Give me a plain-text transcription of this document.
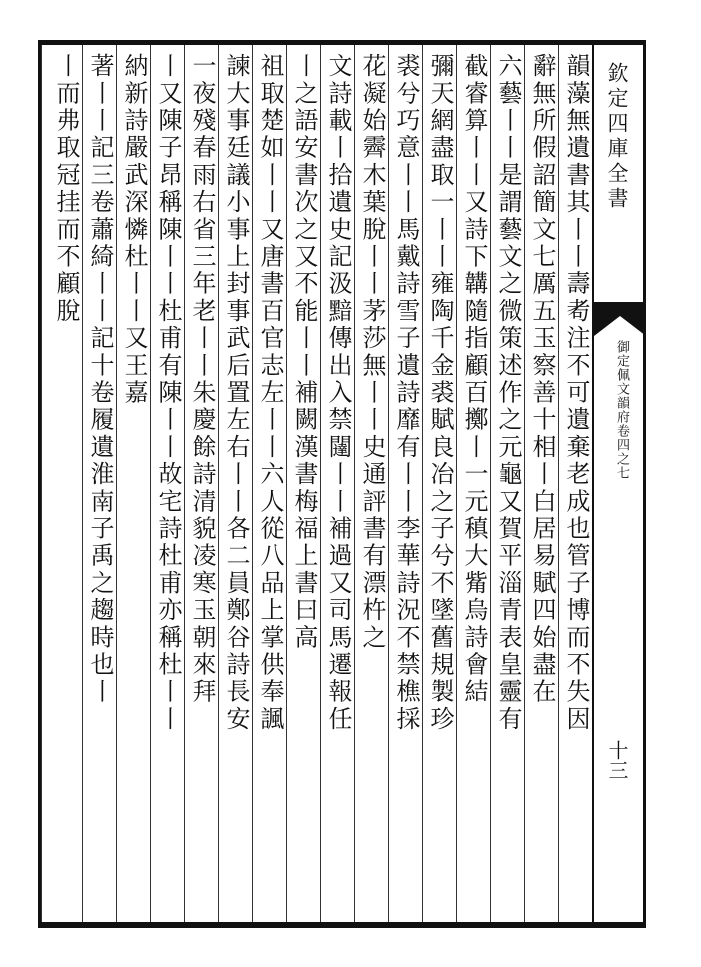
欽定四庫全書
御定佩文韻府卷四之七
十三
韻藻無遺書其丨丨壽耇注不可遺棄老成也管子博而不失因
辭無所假詔簡文七厲五玉察善十相丨白居易賦四始盡在
六藝丨丨是謂藝文之微策述作之元龜又賀平淄青表皇靈有
截睿算丨丨又詩下韝隨指顧百擲丨一元稹大觜烏詩會結
彌天網盡取一丨丨雍陶千金裘賦良冶之子兮不墜舊規製珍
裘兮巧意丨丨馬戴詩雪子遺詩靡有丨丨李華詩況不禁樵採
花凝始霽木葉脫丨丨茅莎無丨丨史通評書有漂杵之
文詩載丨拾遺史記汲黯傳出入禁闥丨丨補過又司馬遷報任
丨之語安書次之又不能丨丨補闕漢書梅福上書曰高
祖取楚如丨丨又唐書百官志左丨丨六人從八品上掌供奉諷
諫大事廷議小事上封事武后置左右丨丨各二員鄭谷詩長安
一夜殘春雨右省三年老丨丨朱慶餘詩清貌凌寒玉朝來拜
丨又陳子昂稱陳丨丨杜甫有陳丨丨故宅詩杜甫亦稱杜丨丨
納新詩嚴武深憐杜丨丨又王嘉
著丨丨記三卷蕭綺丨丨記十卷履遺淮南子禹之趨時也丨
丨而弗取冠挂而不顧脫
